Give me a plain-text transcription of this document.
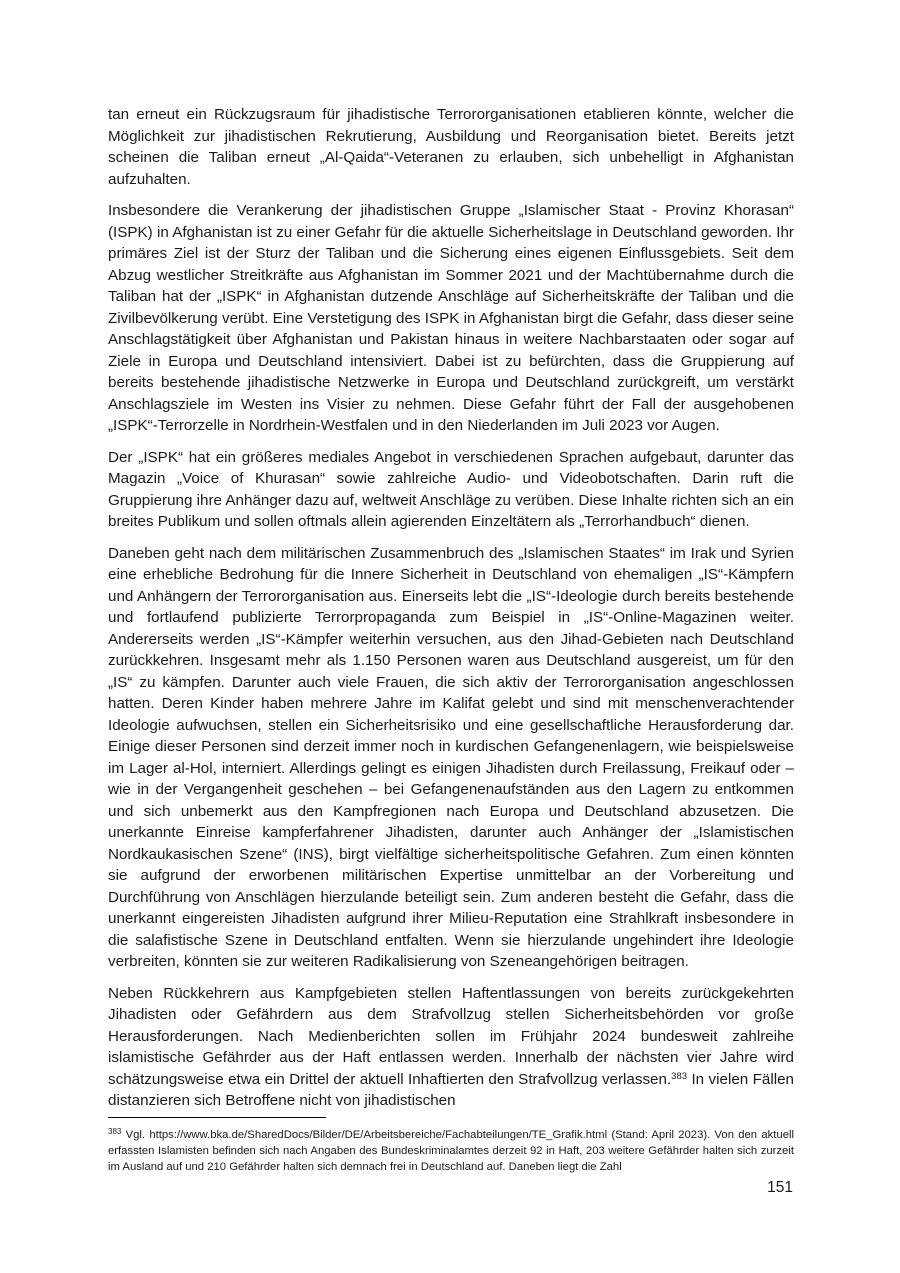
tan erneut ein Rückzugsraum für jihadistische Terrororganisationen etablieren könnte, welcher die Möglichkeit zur jihadistischen Rekrutierung, Ausbildung und Reorganisation bietet. Bereits jetzt scheinen die Taliban erneut „Al-Qaida“-Veteranen zu erlauben, sich unbehelligt in Afghanistan aufzuhalten.

Insbesondere die Verankerung der jihadistischen Gruppe „Islamischer Staat - Provinz Khorasan“ (ISPK) in Afghanistan ist zu einer Gefahr für die aktuelle Sicherheitslage in Deutschland geworden. Ihr primäres Ziel ist der Sturz der Taliban und die Sicherung eines eigenen Einflussgebiets. Seit dem Abzug westlicher Streitkräfte aus Afghanistan im Sommer 2021 und der Machtübernahme durch die Taliban hat der „ISPK“ in Afghanistan dutzende Anschläge auf Sicherheitskräfte der Taliban und die Zivilbevölkerung verübt. Eine Verstetigung des ISPK in Afghanistan birgt die Gefahr, dass dieser seine Anschlagstätigkeit über Afghanistan und Pakistan hinaus in weitere Nachbarstaaten oder sogar auf Ziele in Europa und Deutschland intensiviert. Dabei ist zu befürchten, dass die Gruppierung auf bereits bestehende jihadistische Netzwerke in Europa und Deutschland zurückgreift, um verstärkt Anschlagsziele im Westen ins Visier zu nehmen. Diese Gefahr führt der Fall der ausgehobenen „ISPK“-Terrorzelle in Nordrhein-Westfalen und in den Niederlanden im Juli 2023 vor Augen.

Der „ISPK“ hat ein größeres mediales Angebot in verschiedenen Sprachen aufgebaut, darunter das Magazin „Voice of Khurasan“ sowie zahlreiche Audio- und Videobotschaften. Darin ruft die Gruppierung ihre Anhänger dazu auf, weltweit Anschläge zu verüben. Diese Inhalte richten sich an ein breites Publikum und sollen oftmals allein agierenden Einzeltätern als „Terrorhandbuch“ dienen.

Daneben geht nach dem militärischen Zusammenbruch des „Islamischen Staates“ im Irak und Syrien eine erhebliche Bedrohung für die Innere Sicherheit in Deutschland von ehemaligen „IS“-Kämpfern und Anhängern der Terrororganisation aus. Einerseits lebt die „IS“-Ideologie durch bereits bestehende und fortlaufend publizierte Terrorpropaganda zum Beispiel in „IS“-Online-Magazinen weiter. Andererseits werden „IS“-Kämpfer weiterhin versuchen, aus den Jihad-Gebieten nach Deutschland zurückkehren. Insgesamt mehr als 1.150 Personen waren aus Deutschland ausgereist, um für den „IS“ zu kämpfen. Darunter auch viele Frauen, die sich aktiv der Terrororganisation angeschlossen hatten. Deren Kinder haben mehrere Jahre im Kalifat gelebt und sind mit menschenverachtender Ideologie aufwuchsen, stellen ein Sicherheitsrisiko und eine gesellschaftliche Herausforderung dar. Einige dieser Personen sind derzeit immer noch in kurdischen Gefangenenlagern, wie beispielsweise im Lager al-Hol, interniert. Allerdings gelingt es einigen Jihadisten durch Freilassung, Freikauf oder – wie in der Vergangenheit geschehen – bei Gefangenenaufständen aus den Lagern zu entkommen und sich unbemerkt aus den Kampfregionen nach Europa und Deutschland abzusetzen. Die unerkannte Einreise kampferfahrener Jihadisten, darunter auch Anhänger der „Islamistischen Nordkaukasischen Szene“ (INS), birgt vielfältige sicherheitspolitische Gefahren. Zum einen könnten sie aufgrund der erworbenen militärischen Expertise unmittelbar an der Vorbereitung und Durchführung von Anschlägen hierzulande beteiligt sein. Zum anderen besteht die Gefahr, dass die unerkannt eingereisten Jihadisten aufgrund ihrer Milieu-Reputation eine Strahlkraft insbesondere in die salafistische Szene in Deutschland entfalten. Wenn sie hierzulande ungehindert ihre Ideologie verbreiten, könnten sie zur weiteren Radikalisierung von Szeneangehörigen beitragen.

Neben Rückkehrern aus Kampfgebieten stellen Haftentlassungen von bereits zurückgekehrten Jihadisten oder Gefährdern aus dem Strafvollzug stellen Sicherheitsbehörden vor große Herausforderungen. Nach Medienberichten sollen im Frühjahr 2024 bundesweit zahlreihe islamistische Gefährder aus der Haft entlassen werden. Innerhalb der nächsten vier Jahre wird schätzungsweise etwa ein Drittel der aktuell Inhaftierten den Strafvollzug verlassen.$^{383}$ In vielen Fällen distanzieren sich Betroffene nicht von jihadistischen

$^{383}$ Vgl. https://www.bka.de/SharedDocs/Bilder/DE/Arbeitsbereiche/Fachabteilungen/TE_Grafik.html (Stand: April 2023). Von den aktuell erfassten Islamisten befinden sich nach Angaben des Bundeskriminalamtes derzeit 92 in Haft, 203 weitere Gefährder halten sich zurzeit im Ausland auf und 210 Gefährder halten sich demnach frei in Deutschland auf. Daneben liegt die Zahl

151
